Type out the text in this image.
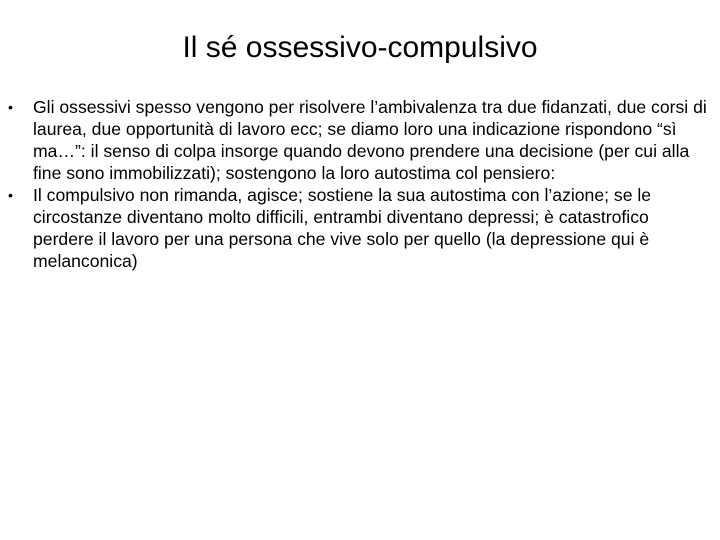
Il sé ossessivo-compulsivo
• Gli ossessivi spesso vengono per risolvere l’ambivalenza tra due fidanzati, due corsi di laurea, due opportunità di lavoro ecc; se diamo loro una indicazione rispondono “sì ma…”: il senso di colpa insorge quando devono prendere una decisione (per cui alla fine sono immobilizzati); sostengono la loro autostima col pensiero:
• Il compulsivo non rimanda, agisce; sostiene la sua autostima con l’azione; se le circostanze diventano molto difficili, entrambi diventano depressi; è catastrofico perdere il lavoro per una persona che vive solo per quello (la depressione qui è melanconica)
